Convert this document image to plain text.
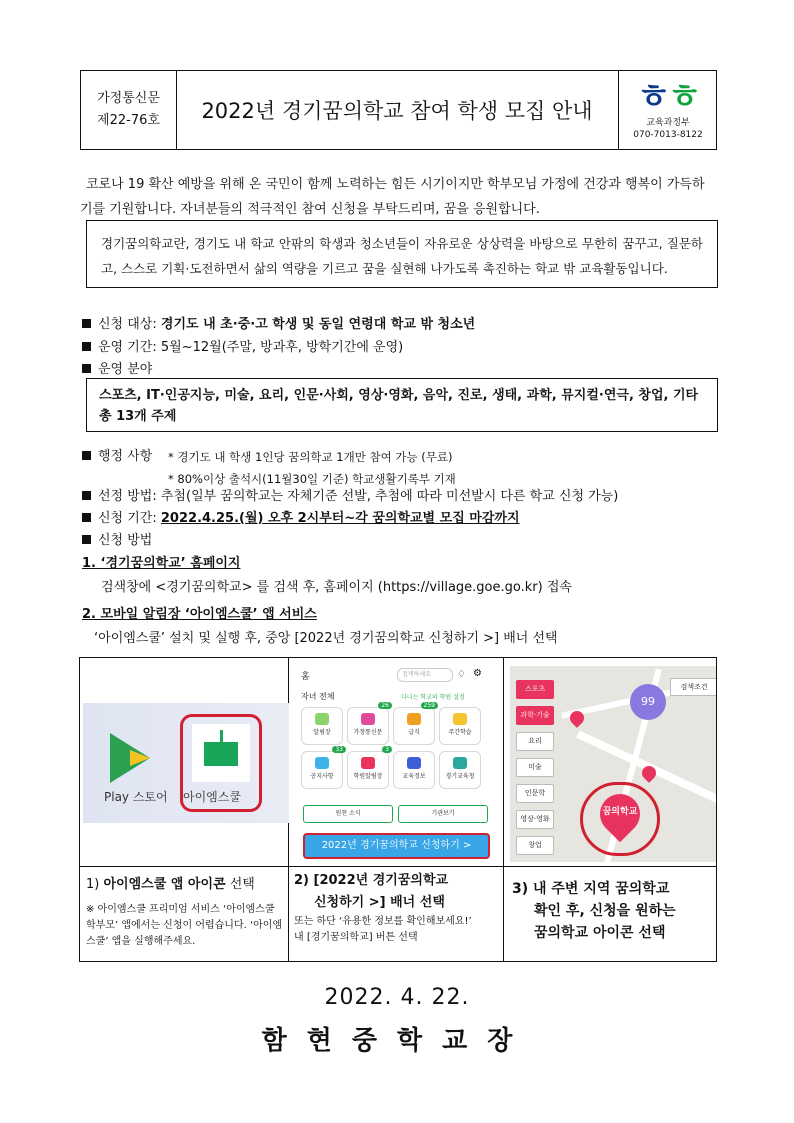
가정통신문
제22-76호	2022년 경기꿈의학교 참여 학생 모집 안내	ㅎㅎ
교육과정부
070-7013-8122
코로나 19 확산 예방을 위해 온 국민이 함께 노력하는 힘든 시기이지만 학부모님 가정에 건강과 행복이 가득하기를 기원합니다. 자녀분들의 적극적인 참여 신청을 부탁드리며, 꿈을 응원합니다.
경기꿈의학교란, 경기도 내 학교 안팎의 학생과 청소년들이 자유로운 상상력을 바탕으로 무한히 꿈꾸고, 질문하고, 스스로 기획·도전하면서 삶의 역량을 기르고 꿈을 실현해 나가도록 촉진하는 학교 밖 교육활동입니다.
신청 대상: 경기도 내 초·중·고 학생 및 동일 연령대 학교 밖 청소년
운영 기간: 5월~12월(주말, 방과후, 방학기간에 운영)
운영 분야
스포츠, IT·인공지능, 미술, 요리, 인문·사회, 영상·영화, 음악, 진로, 생태, 과학, 뮤지컬·연극, 창업, 기타 총 13개 주제
행정 사항 * 경기도 내 학생 1인당 꿈의학교 1개만 참여 가능 (무료)
* 80%이상 출석시(11월30일 기준) 학교생활기록부 기재
선정 방법: 추첨(일부 꿈의학교는 자체기준 선발, 추첨에 따라 미선발시 다른 학교 신청 가능)
신청 기간: 2022.4.25.(월) 오후 2시부터~각 꿈의학교별 모집 마감까지
신청 방법
1. ‘경기꿈의학교’ 홈페이지
검색창에 <경기꿈의학교> 를 검색 후, 홈페이지 (https://village.goe.go.kr) 접속
2. 모바일 알림장 ‘아이엠스쿨’ 앱 서비스
‘아이엠스쿨’ 설치 및 실행 후, 중앙 [2022년 경기꿈의학교 신청하기 >] 배너 선택
Play 스토어 아이엠스쿨
홈	검색하세요	♢ ⚙
자녀 전체	다니는 학교의 학원 설정
알림장
26
가정통신문
259
급식	주간학습
33
공지사항
3
학원알림장	교육정보	경기교육청
원천 소식	기관보기
2022년 경기꿈의학교 신청하기 >
99
검색조건
스포츠
과학·기술
요리
미술
인문학
영상·영화
창업
꿈의학교
1) 아이엠스쿨 앱 아이콘 선택
※ 아이엠스쿨 프리미엄 서비스 ‘아이엠스쿨 학부모’ 앱에서는 신청이 어렵습니다. ‘아이엠스쿨’ 앱을 실행해주세요.
2) [2022년 경기꿈의학교
신청하기 >] 배너 선택
또는 하단 ‘유용한 정보를 확인해보세요!’
내 [경기꿈의학교] 버튼 선택
3) 내 주변 지역 꿈의학교
확인 후, 신청을 원하는
꿈의학교 아이콘 선택
2022. 4. 22.
함현중학교장
